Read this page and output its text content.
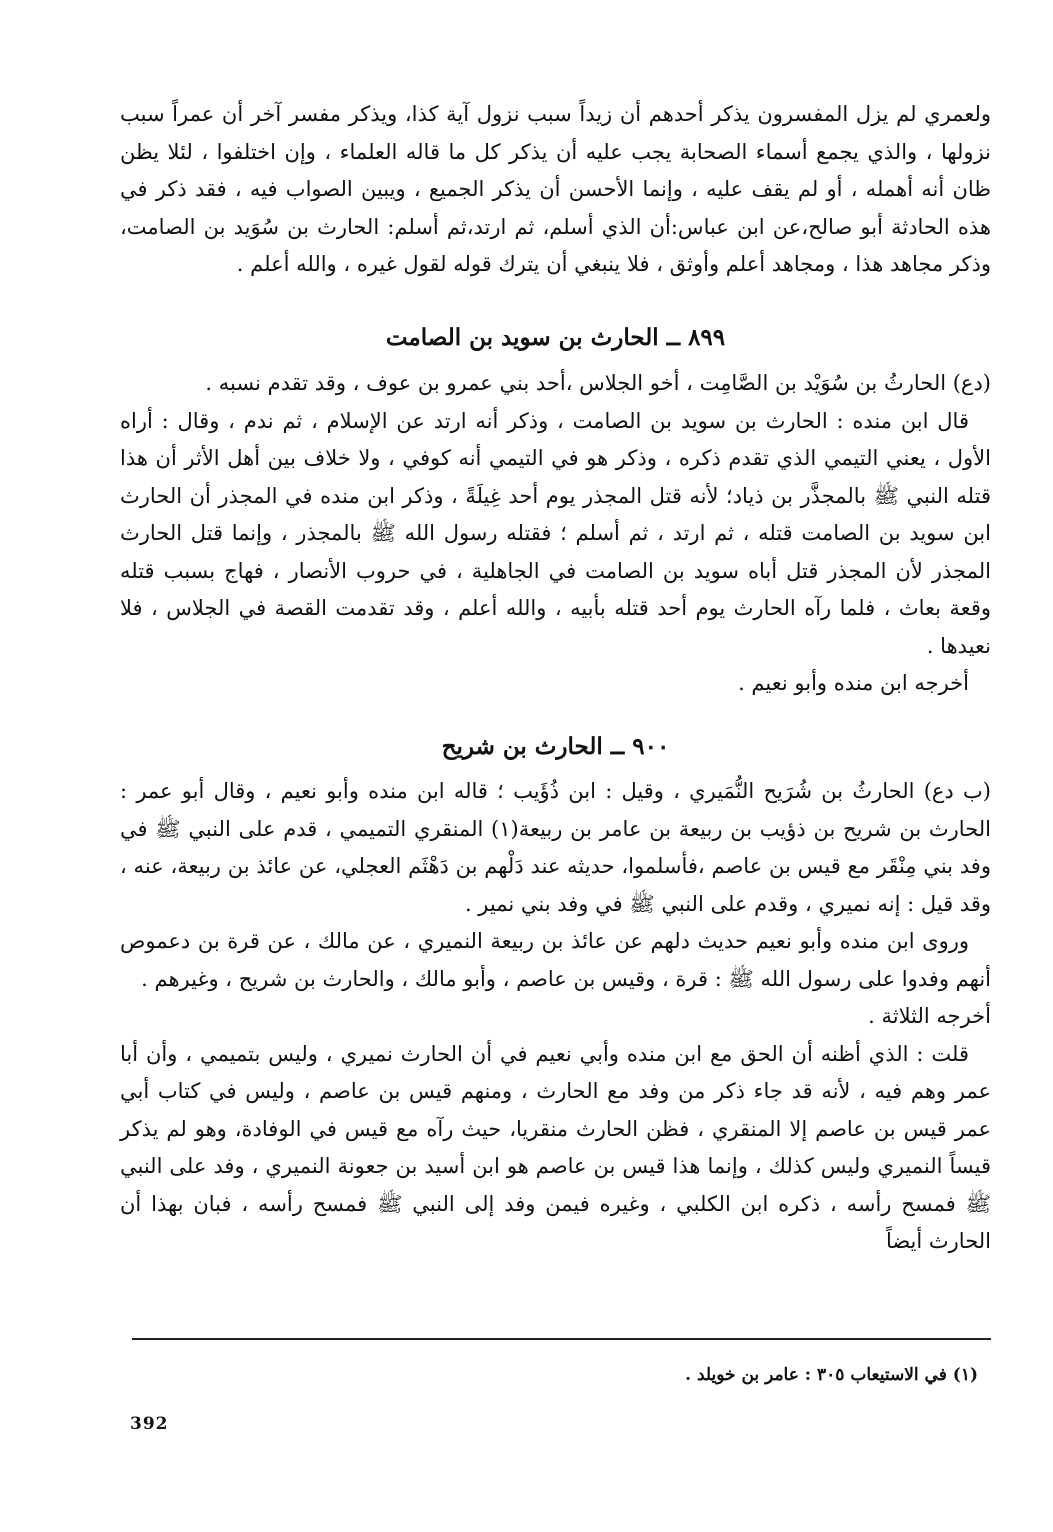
ولعمري لم يزل المفسرون يذكر أحدهم أن زيداً سبب نزول آية كذا، ويذكر مفسر آخر أن عمراً سبب نزولها ، والذي يجمع أسماء الصحابة يجب عليه أن يذكر كل ما قاله العلماء ، وإن اختلفوا ، لئلا يظن ظان أنه أهمله ، أو لم يقف عليه ، وإنما الأحسن أن يذكر الجميع ، ويبين الصواب فيه ، فقد ذكر في هذه الحادثة أبو صالح،عن ابن عباس:أن الذي أسلم، ثم ارتد،ثم أسلم: الحارث بن سُوَيد بن الصامت، وذكر مجاهد هذا ، ومجاهد أعلم وأوثق ، فلا ينبغي أن يترك قوله لقول غيره ، والله أعلم .

٨٩٩ ــ الحارث بن سويد بن الصامت

(دع) الحارثُ بن سُوَيْد بن الصَّامِت ، أخو الجلاس ،أحد بني عمرو بن عوف ، وقد تقدم نسبه .

قال ابن منده : الحارث بن سويد بن الصامت ، وذكر أنه ارتد عن الإسلام ، ثم ندم ، وقال : أراه الأول ، يعني التيمي الذي تقدم ذكره ، وذكر هو في التيمي أنه كوفي ، ولا خلاف بين أهل الأثر أن هذا قتله النبي ﷺ بالمجذَّر بن ذياد؛ لأنه قتل المجذر يوم أحد غِيلَةً ، وذكر ابن منده في المجذر أن الحارث ابن سويد بن الصامت قتله ، ثم ارتد ، ثم أسلم ؛ فقتله رسول الله ﷺ بالمجذر ، وإنما قتل الحارث المجذر لأن المجذر قتل أباه سويد بن الصامت في الجاهلية ، في حروب الأنصار ، فهاج بسبب قتله وقعة بعاث ، فلما رآه الحارث يوم أحد قتله بأبيه ، والله أعلم ، وقد تقدمت القصة في الجلاس ، فلا نعيدها .

أخرجه ابن منده وأبو نعيم .

٩٠٠ ــ الحارث بن شريح

(ب دع) الحارثُ بن شُرَيح النُّمَيري ، وقيل : ابن ذُؤَيب ؛ قاله ابن منده وأبو نعيم ، وقال أبو عمر : الحارث بن شريح بن ذؤيب بن ربيعة بن عامر بن ربيعة(١) المنقري التميمي ، قدم على النبي ﷺ في وفد بني مِنْقَر مع قيس بن عاصم ،فأسلموا، حديثه عند دَلْهم بن دَهْثَم العجلي، عن عائذ بن ربيعة، عنه ، وقد قيل : إنه نميري ، وقدم على النبي ﷺ في وفد بني نمير .

وروى ابن منده وأبو نعيم حديث دلهم عن عائذ بن ربيعة النميري ، عن مالك ، عن قرة بن دعموص أنهم وفدوا على رسول الله ﷺ : قرة ، وقيس بن عاصم ، وأبو مالك ، والحارث بن شريح ، وغيرهم .

أخرجه الثلاثة .

قلت : الذي أظنه أن الحق مع ابن منده وأبي نعيم في أن الحارث نميري ، وليس بتميمي ، وأن أبا عمر وهم فيه ، لأنه قد جاء ذكر من وفد مع الحارث ، ومنهم قيس بن عاصم ، وليس في كتاب أبي عمر قيس بن عاصم إلا المنقري ، فظن الحارث منقريا، حيث رآه مع قيس في الوفادة، وهو لم يذكر قيساً النميري وليس كذلك ، وإنما هذا قيس بن عاصم هو ابن أسيد بن جعونة النميري ، وفد على النبي ﷺ فمسح رأسه ، ذكره ابن الكلبي ، وغيره فيمن وفد إلى النبي ﷺ فمسح رأسه ، فبان بهذا أن الحارث أيضاً

(١) في الاستيعاب ٣٠٥ : عامر بن خويلد .
392
